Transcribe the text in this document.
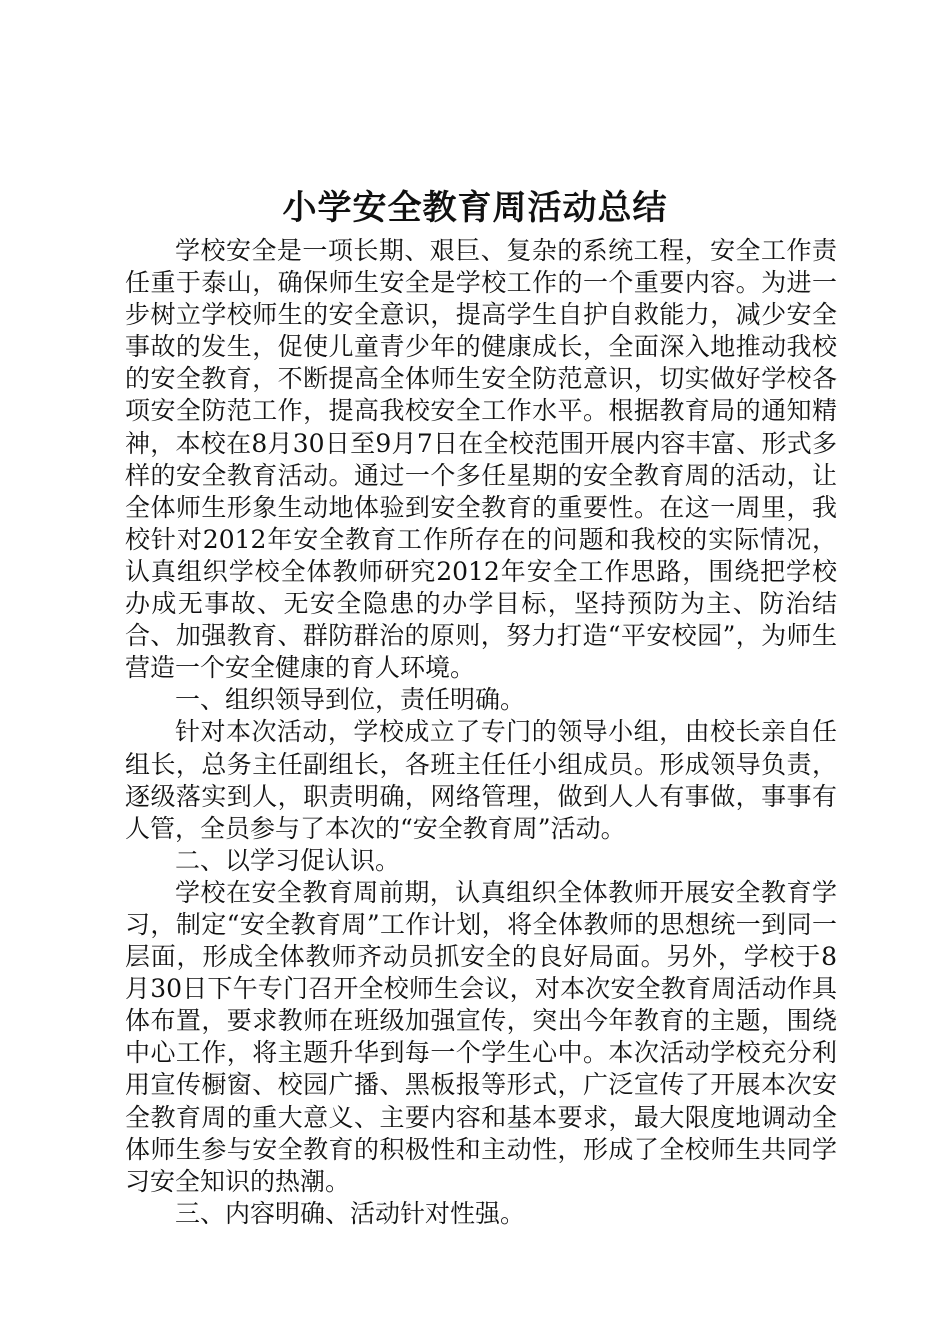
小学安全教育周活动总结

学校安全是一项长期、艰巨、复杂的系统工程，安全工作责任重于泰山，确保师生安全是学校工作的一个重要内容。为进一步树立学校师生的安全意识，提高学生自护自救能力，减少安全事故的发生，促使儿童青少年的健康成长，全面深入地推动我校的安全教育，不断提高全体师生安全防范意识，切实做好学校各项安全防范工作，提高我校安全工作水平。根据教育局的通知精神，本校在8月30日至9月7日在全校范围开展内容丰富、形式多样的安全教育活动。通过一个多任星期的安全教育周的活动，让全体师生形象生动地体验到安全教育的重要性。在这一周里，我校针对2012年安全教育工作所存在的问题和我校的实际情况，认真组织学校全体教师研究2012年安全工作思路，围绕把学校办成无事故、无安全隐患的办学目标，坚持预防为主、防治结合、加强教育、群防群治的原则，努力打造“平安校园”，为师生营造一个安全健康的育人环境。

一、组织领导到位，责任明确。

针对本次活动，学校成立了专门的领导小组，由校长亲自任组长，总务主任副组长，各班主任任小组成员。形成领导负责，逐级落实到人，职责明确，网络管理，做到人人有事做，事事有人管，全员参与了本次的“安全教育周”活动。

二、以学习促认识。

学校在安全教育周前期，认真组织全体教师开展安全教育学习，制定“安全教育周”工作计划，将全体教师的思想统一到同一层面，形成全体教师齐动员抓安全的良好局面。另外，学校于8月30日下午专门召开全校师生会议，对本次安全教育周活动作具体布置，要求教师在班级加强宣传，突出今年教育的主题，围绕中心工作，将主题升华到每一个学生心中。本次活动学校充分利用宣传橱窗、校园广播、黑板报等形式，广泛宣传了开展本次安全教育周的重大意义、主要内容和基本要求，最大限度地调动全体师生参与安全教育的积极性和主动性，形成了全校师生共同学习安全知识的热潮。

三、内容明确、活动针对性强。
